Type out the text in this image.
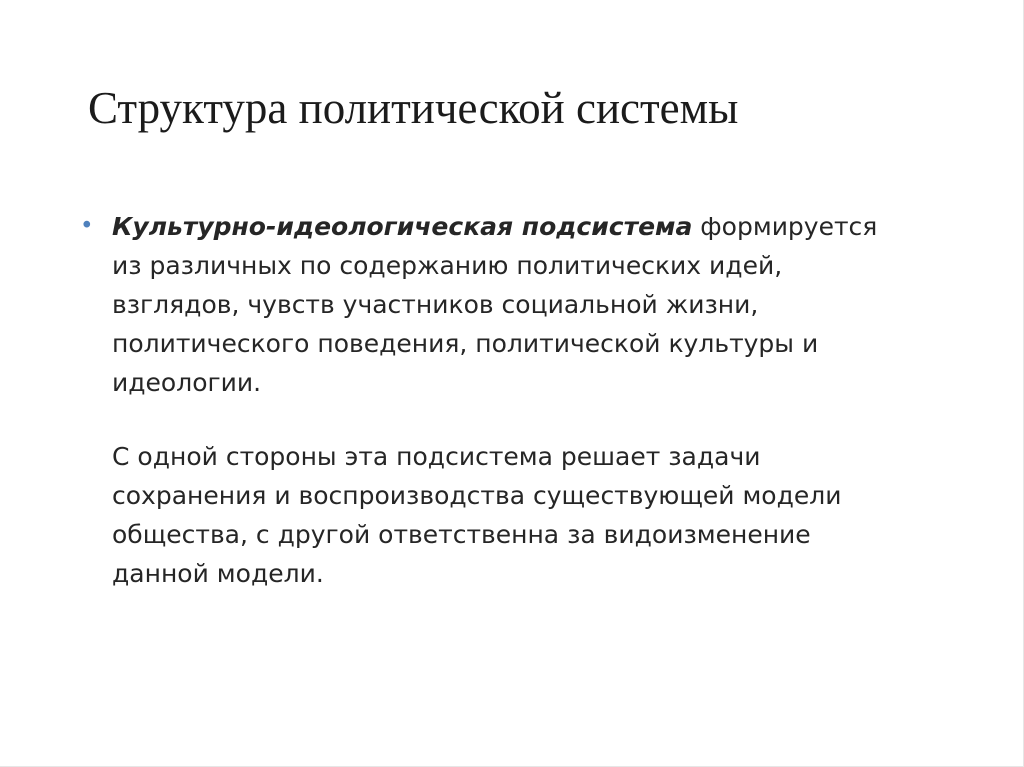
Структура политической системы
• Культурно-идеологическая подсистема формируется
из различных по содержанию политических идей,
взглядов, чувств участников социальной жизни,
политического поведения, политической культуры и
идеологии.
С одной стороны эта подсистема решает задачи
сохранения и воспроизводства существующей модели
общества, с другой ответственна за видоизменение
данной модели.
